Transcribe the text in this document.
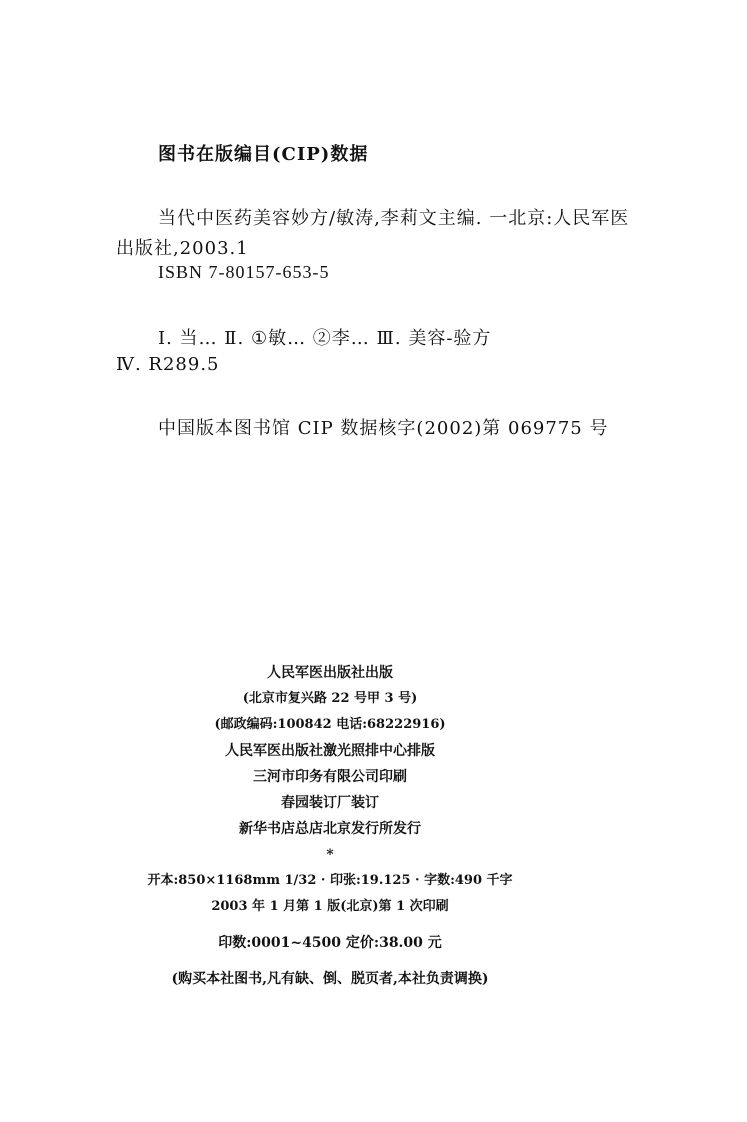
图书在版编目(CIP)数据
当代中医药美容妙方/敏涛,李莉文主编. 一北京:人民军医
出版社,2003.1
ISBN 7-80157-653-5
Ⅰ. 当… Ⅱ. ①敏… ②李… Ⅲ. 美容-验方
Ⅳ. R289.5
中国版本图书馆 CIP 数据核字(2002)第 069775 号
人民军医出版社出版
(北京市复兴路 22 号甲 3 号)
(邮政编码:100842 电话:68222916)
人民军医出版社激光照排中心排版
三河市印务有限公司印刷
春园装订厂装订
新华书店总店北京发行所发行
*
开本:850×1168mm 1/32 · 印张:19.125 · 字数:490 千字
2003 年 1 月第 1 版(北京)第 1 次印刷
印数:0001~4500 定价:38.00 元
(购买本社图书,凡有缺、倒、脱页者,本社负责调换)
